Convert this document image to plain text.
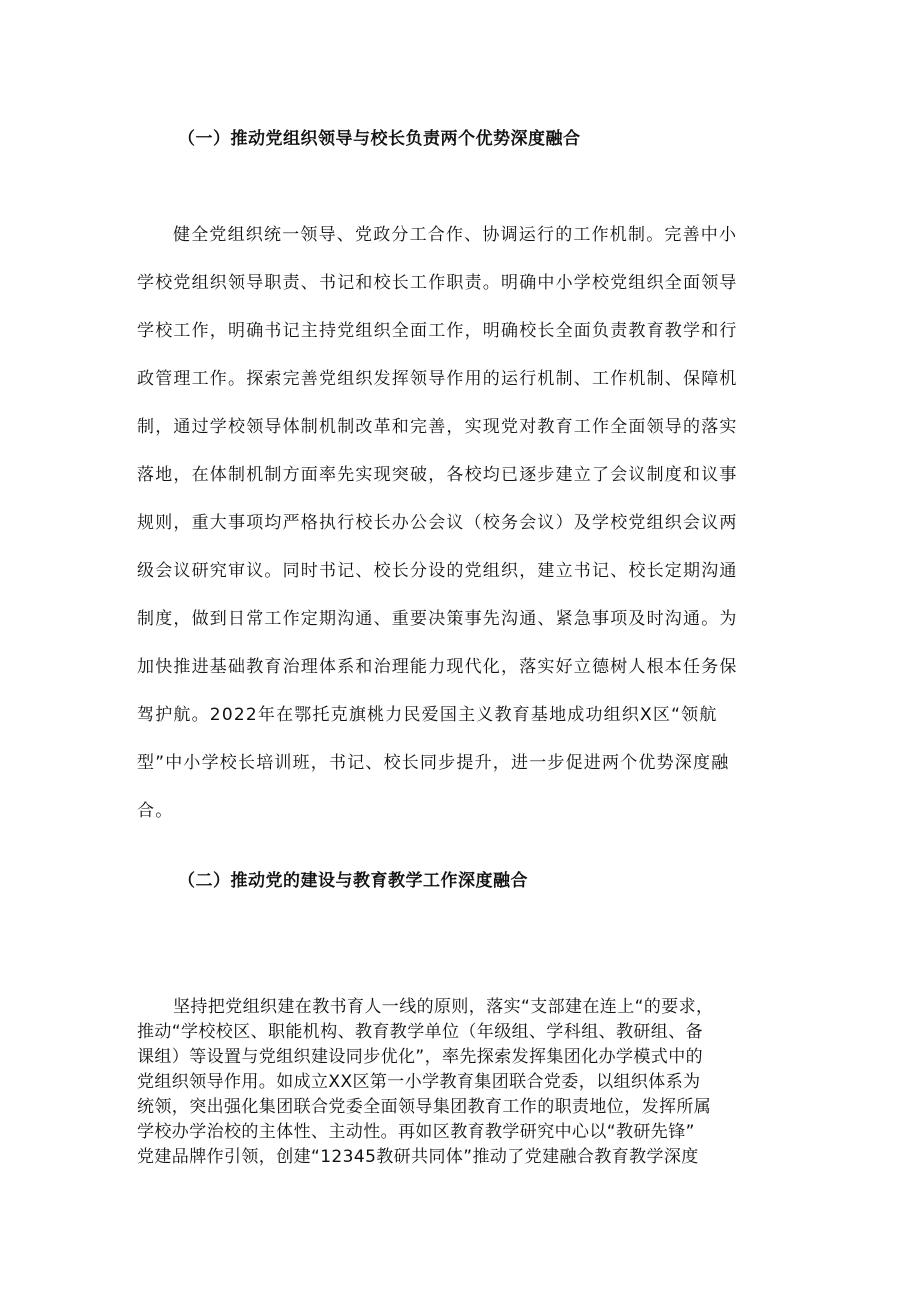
（一）推动党组织领导与校长负责两个优势深度融合
健全党组织统一领导、党政分工合作、协调运行的工作机制。完善中小
学校党组织领导职责、书记和校长工作职责。明确中小学校党组织全面领导
学校工作，明确书记主持党组织全面工作，明确校长全面负责教育教学和行
政管理工作。探索完善党组织发挥领导作用的运行机制、工作机制、保障机
制，通过学校领导体制机制改革和完善，实现党对教育工作全面领导的落实
落地，在体制机制方面率先实现突破，各校均已逐步建立了会议制度和议事
规则，重大事项均严格执行校长办公会议（校务会议）及学校党组织会议两
级会议研究审议。同时书记、校长分设的党组织，建立书记、校长定期沟通
制度，做到日常工作定期沟通、重要决策事先沟通、紧急事项及时沟通。为
加快推进基础教育治理体系和治理能力现代化，落实好立德树人根本任务保
驾护航。2022年在鄂托克旗桃力民爱国主义教育基地成功组织X区“领航
型”中小学校长培训班，书记、校长同步提升，进一步促进两个优势深度融
合。
（二）推动党的建设与教育教学工作深度融合
坚持把党组织建在教书育人一线的原则，落实“支部建在连上“的要求，
推动“学校校区、职能机构、教育教学单位（年级组、学科组、教研组、备
课组）等设置与党组织建设同步优化”，率先探索发挥集团化办学模式中的
党组织领导作用。如成立XX区第一小学教育集团联合党委，以组织体系为
统领，突出强化集团联合党委全面领导集团教育工作的职责地位，发挥所属
学校办学治校的主体性、主动性。再如区教育教学研究中心以“教研先锋”
党建品牌作引领，创建“12345教研共同体”推动了党建融合教育教学深度
